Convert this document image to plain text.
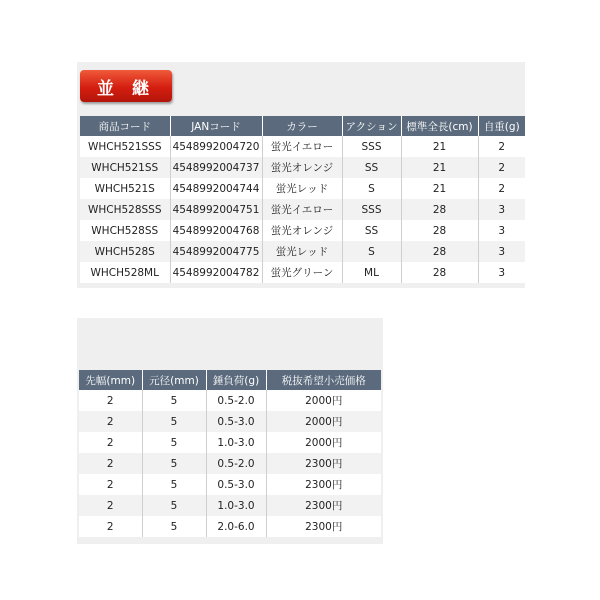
並 継
商品コード	JANコード	カラー	アクション	標準全長(cm)	自重(g)
WHCH521SSS	4548992004720	蛍光イエロー	SSS	21	2
WHCH521SS	4548992004737	蛍光オレンジ	SS	21	2
WHCH521S	4548992004744	蛍光レッド	S	21	2
WHCH528SSS	4548992004751	蛍光イエロー	SSS	28	3
WHCH528SS	4548992004768	蛍光オレンジ	SS	28	3
WHCH528S	4548992004775	蛍光レッド	S	28	3
WHCH528ML	4548992004782	蛍光グリーン	ML	28	3
先幅(mm)	元径(mm)	錘負荷(g)	税抜希望小売価格
2	5	0.5-2.0	2000円
2	5	0.5-3.0	2000円
2	5	1.0-3.0	2000円
2	5	0.5-2.0	2300円
2	5	0.5-3.0	2300円
2	5	1.0-3.0	2300円
2	5	2.0-6.0	2300円
